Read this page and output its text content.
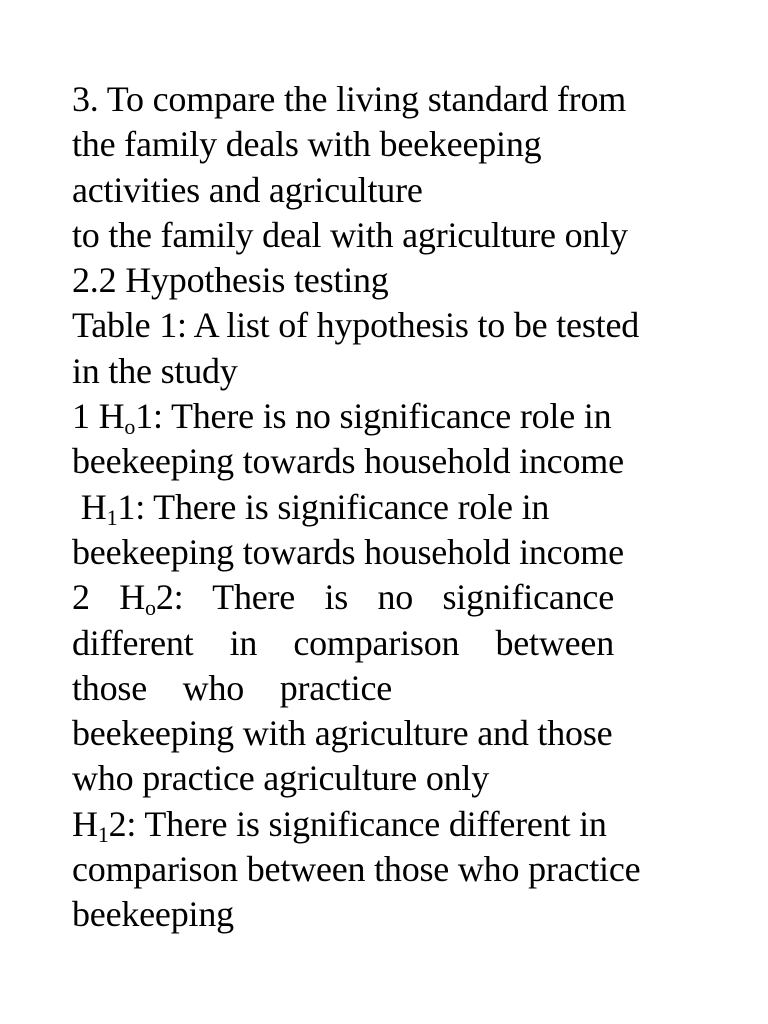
3. To compare the living standard from
the family deals with beekeeping
activities and agriculture
to the family deal with agriculture only
2.2 Hypothesis testing
Table 1: A list of hypothesis to be tested
in the study
1 Ho1: There is no significance role in
beekeeping towards household income
H11: There is significance role in
beekeeping towards household income
2 Ho2: There is no significance
different in comparison between
those who practice
beekeeping with agriculture and those
who practice agriculture only
H12: There is significance different in
comparison between those who practice
beekeeping
